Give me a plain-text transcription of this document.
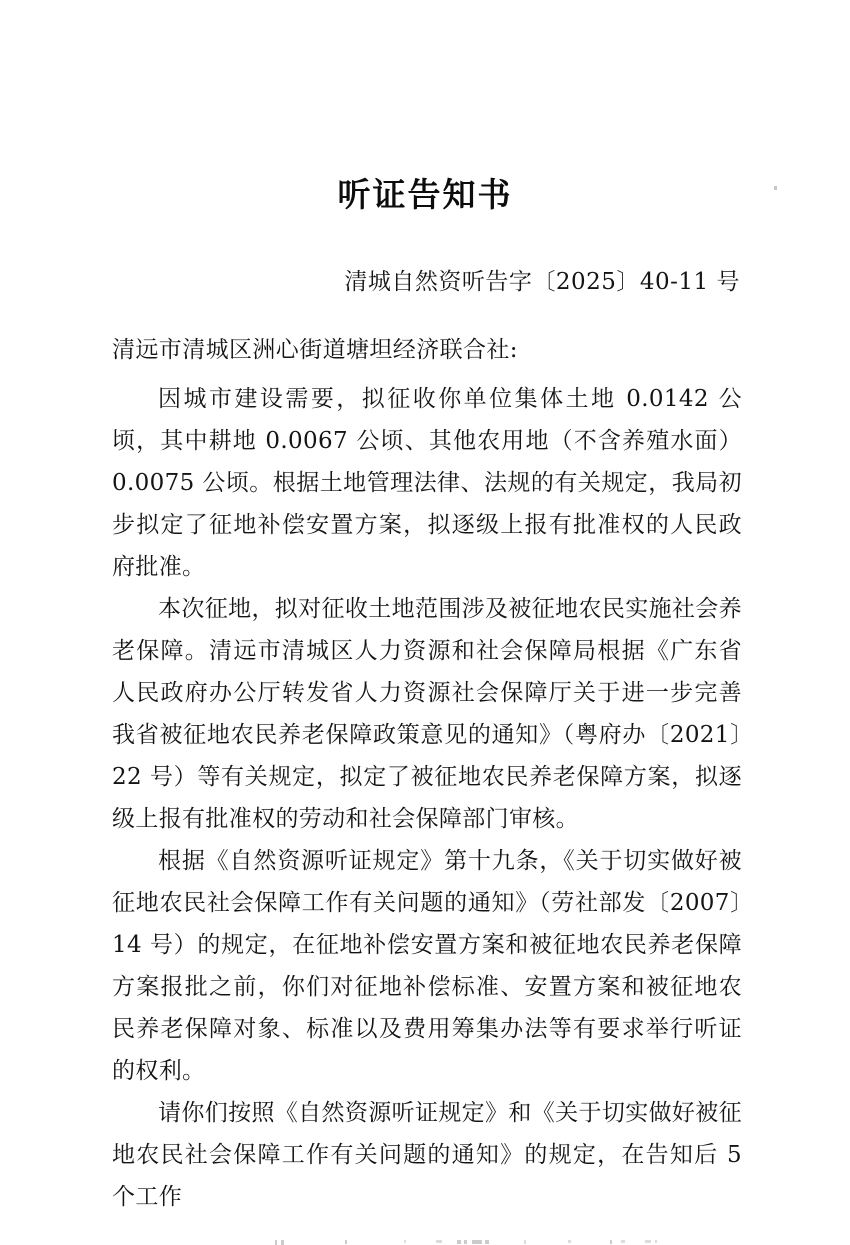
听证告知书
清城自然资听告字〔2025〕40-11 号
清远市清城区洲心街道塘坦经济联合社:

因城市建设需要，拟征收你单位集体土地 0.0142 公顷，其中耕地 0.0067 公顷、其他农用地（不含养殖水面）0.0075 公顷。根据土地管理法律、法规的有关规定，我局初步拟定了征地补偿安置方案，拟逐级上报有批准权的人民政府批准。

本次征地，拟对征收土地范围涉及被征地农民实施社会养老保障。清远市清城区人力资源和社会保障局根据《广东省人民政府办公厅转发省人力资源社会保障厅关于进一步完善我省被征地农民养老保障政策意见的通知》（粤府办〔2021〕22 号）等有关规定，拟定了被征地农民养老保障方案，拟逐级上报有批准权的劳动和社会保障部门审核。

根据《自然资源听证规定》第十九条，《关于切实做好被征地农民社会保障工作有关问题的通知》（劳社部发〔2007〕14 号）的规定，在征地补偿安置方案和被征地农民养老保障方案报批之前，你们对征地补偿标准、安置方案和被征地农民养老保障对象、标准以及费用筹集办法等有要求举行听证的权利。

请你们按照《自然资源听证规定》和《关于切实做好被征地农民社会保障工作有关问题的通知》的规定，在告知后 5 个工作
